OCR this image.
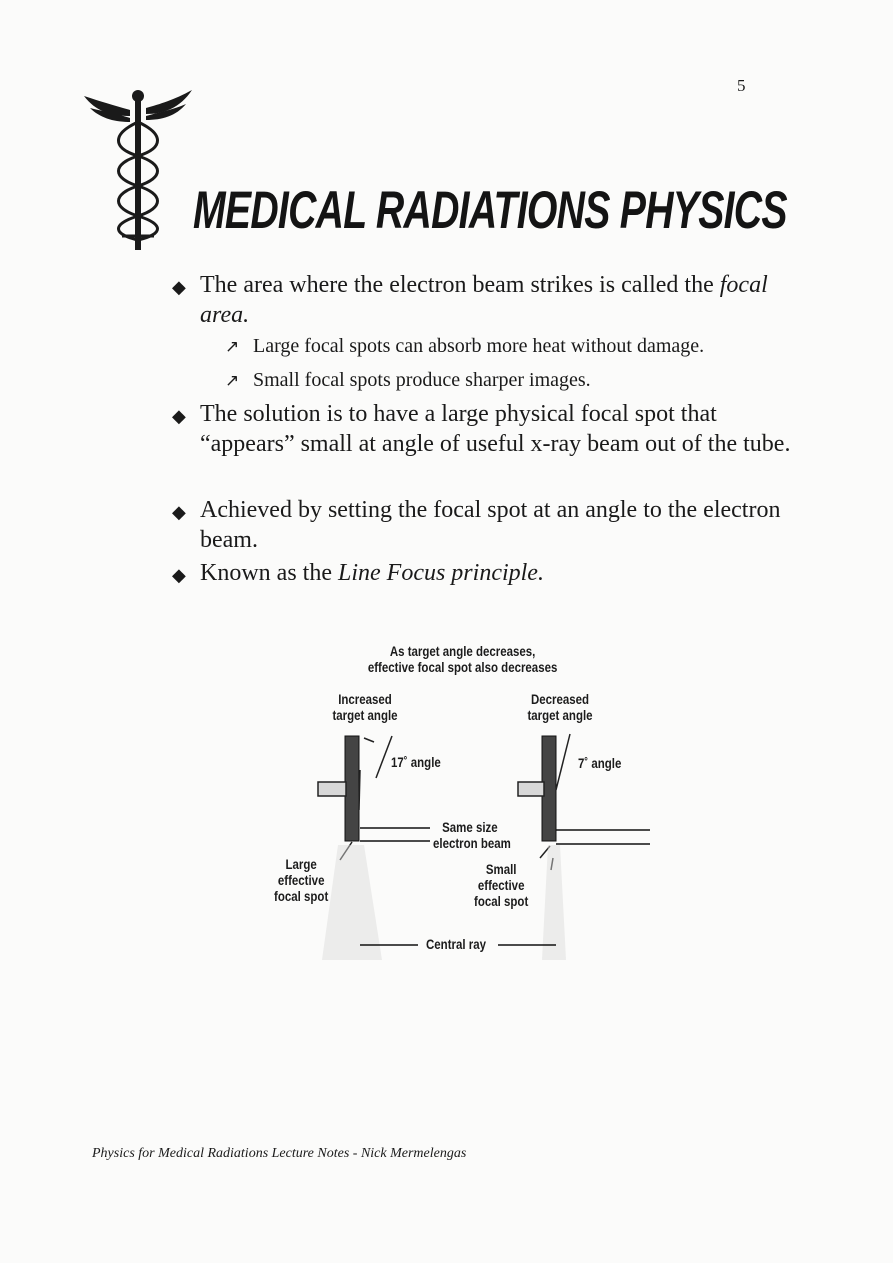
5
MEDICAL RADIATIONS PHYSICS
◆ The area where the electron beam strikes is called the focal area.
↗ Large focal spots can absorb more heat without damage.
↗ Small focal spots produce sharper images.
◆ The solution is to have a large physical focal spot that “appears” small at angle of useful x-ray beam out of the tube.
◆ Achieved by setting the focal spot at an angle to the electron beam.
◆ Known as the Line Focus principle.
As target angle decreases,
effective focal spot also decreases
Increased
target angle
Decreased
target angle
17˚ angle	7˚ angle
Same size
electron beam
Large
effective
focal spot
Small
effective
focal spot
Central ray
Physics for Medical Radiations Lecture Notes - Nick Mermelengas
